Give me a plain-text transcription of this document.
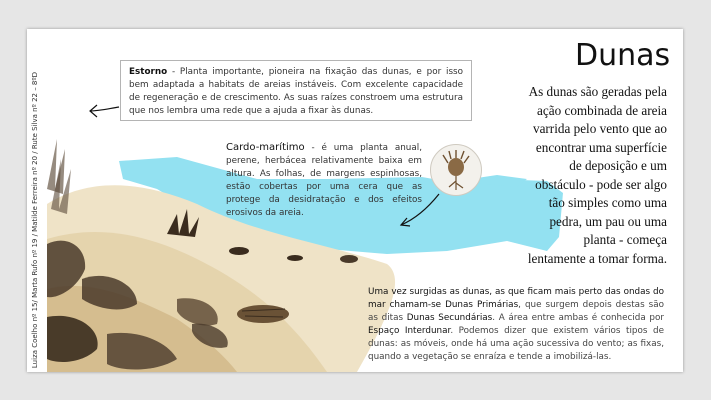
Luiza Coelho nº 15/ Marta Rufo nº 19 / Matilde Ferreira nº 20 / Rute Silva nº 22 – 8ºD
Dunas
As dunas são geradas pela ação combinada de areia varrida pelo vento que ao encontrar uma superfície de deposição e um obstáculo - pode ser algo tão simples como uma pedra, um pau ou uma planta - começa lentamente a tomar forma.
Estorno - Planta importante, pioneira na fixação das dunas, e por isso bem adaptada a habitats de areias instáveis. Com excelente capacidade de regeneração e de crescimento. As suas raízes constroem uma estrutura que nos lembra uma rede que a ajuda a fixar às dunas.
Cardo-marítimo - é uma planta anual, perene, herbácea relativamente baixa em altura. As folhas, de margens espinhosas, estão cobertas por uma cera que as protege da desidratação e dos efeitos erosivos da areia.
Uma vez surgidas as dunas, as que ficam mais perto das ondas do mar chamam-se Dunas Primárias, que surgem depois destas são as ditas Dunas Secundárias. A área entre ambas é conhecida por Espaço Interdunar. Podemos dizer que existem vários tipos de dunas: as móveis, onde há uma ação sucessiva do vento; as fixas, quando a vegetação se enraíza e tende a imobilizá-las.
